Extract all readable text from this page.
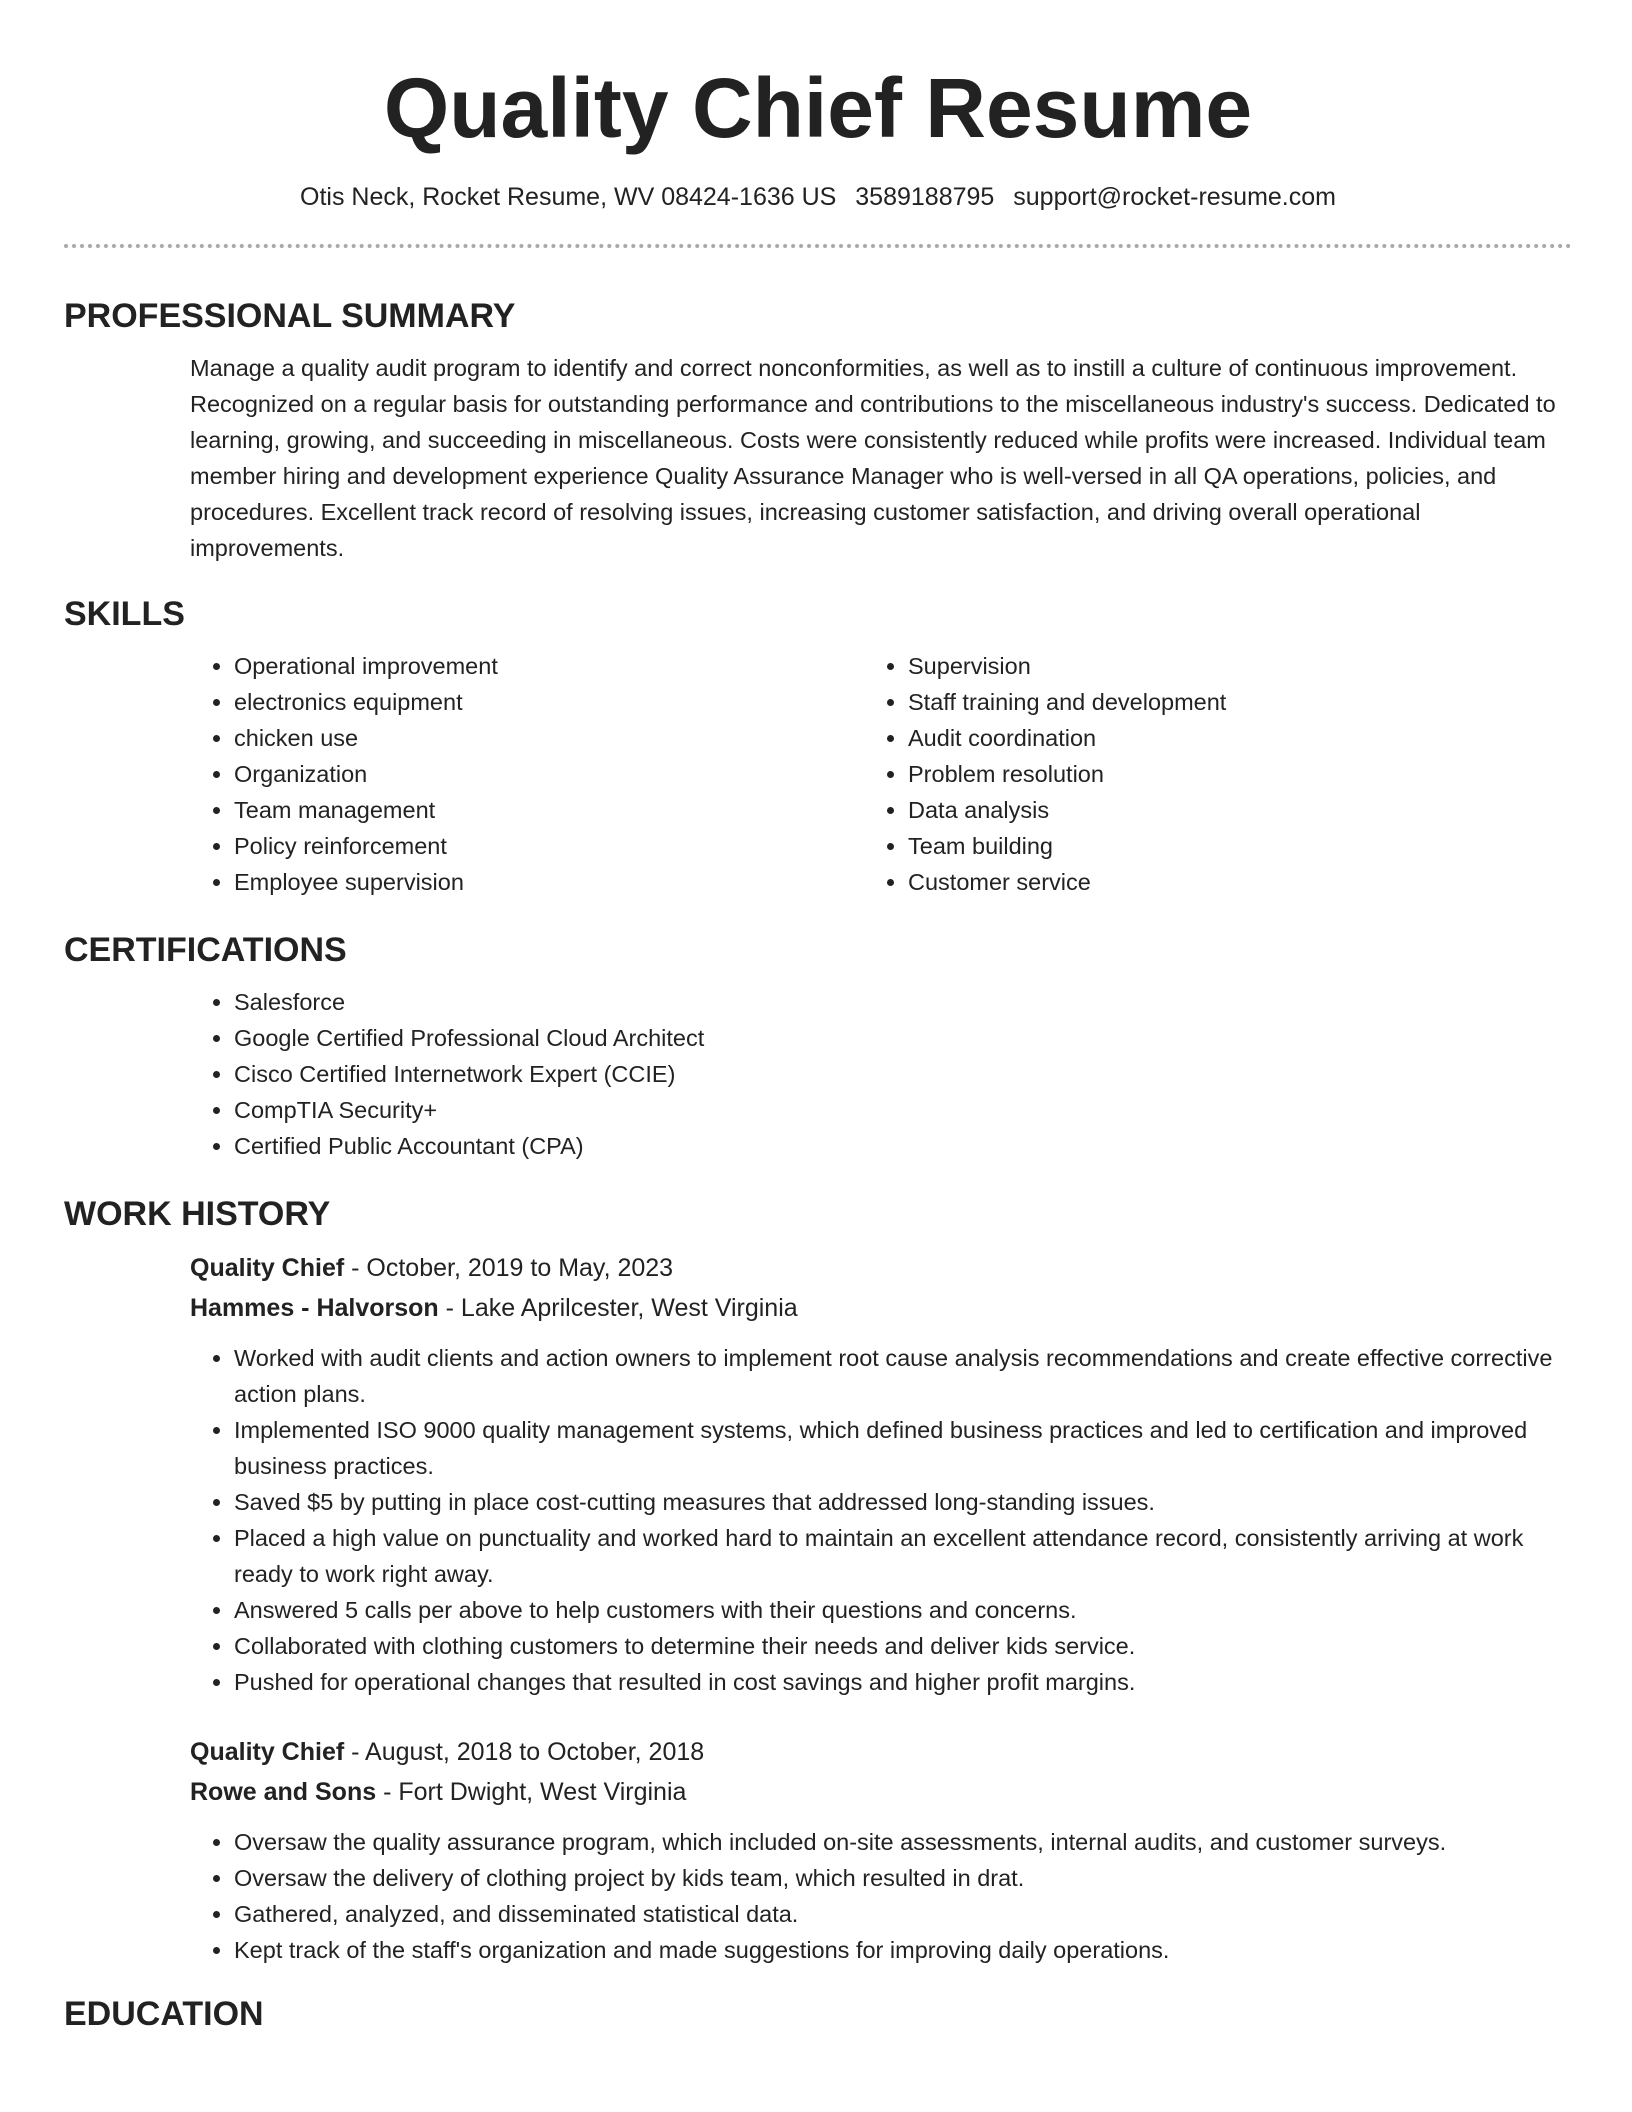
Quality Chief Resume
Otis Neck, Rocket Resume, WV 08424-1636 US 3589188795 support@rocket-resume.com
PROFESSIONAL SUMMARY

Manage a quality audit program to identify and correct nonconformities, as well as to instill a culture of continuous improvement. Recognized on a regular basis for outstanding performance and contributions to the miscellaneous industry's success. Dedicated to learning, growing, and succeeding in miscellaneous. Costs were consistently reduced while profits were increased. Individual team member hiring and development experience Quality Assurance Manager who is well-versed in all QA operations, policies, and procedures. Excellent track record of resolving issues, increasing customer satisfaction, and driving overall operational improvements.

SKILLS
• Operational improvement
• electronics equipment
• chicken use
• Organization
• Team management
• Policy reinforcement
• Employee supervision
• Supervision
• Staff training and development
• Audit coordination
• Problem resolution
• Data analysis
• Team building
• Customer service
CERTIFICATIONS
• Salesforce
• Google Certified Professional Cloud Architect
• Cisco Certified Internetwork Expert (CCIE)
• CompTIA Security+
• Certified Public Accountant (CPA)
WORK HISTORY
Quality Chief - October, 2019 to May, 2023
Hammes - Halvorson - Lake Aprilcester, West Virginia
• Worked with audit clients and action owners to implement root cause analysis recommendations and create effective corrective action plans.
• Implemented ISO 9000 quality management systems, which defined business practices and led to certification and improved business practices.
• Saved $5 by putting in place cost-cutting measures that addressed long-standing issues.
• Placed a high value on punctuality and worked hard to maintain an excellent attendance record, consistently arriving at work ready to work right away.
• Answered 5 calls per above to help customers with their questions and concerns.
• Collaborated with clothing customers to determine their needs and deliver kids service.
• Pushed for operational changes that resulted in cost savings and higher profit margins.
Quality Chief - August, 2018 to October, 2018
Rowe and Sons - Fort Dwight, West Virginia
• Oversaw the quality assurance program, which included on-site assessments, internal audits, and customer surveys.
• Oversaw the delivery of clothing project by kids team, which resulted in drat.
• Gathered, analyzed, and disseminated statistical data.
• Kept track of the staff's organization and made suggestions for improving daily operations.
EDUCATION
